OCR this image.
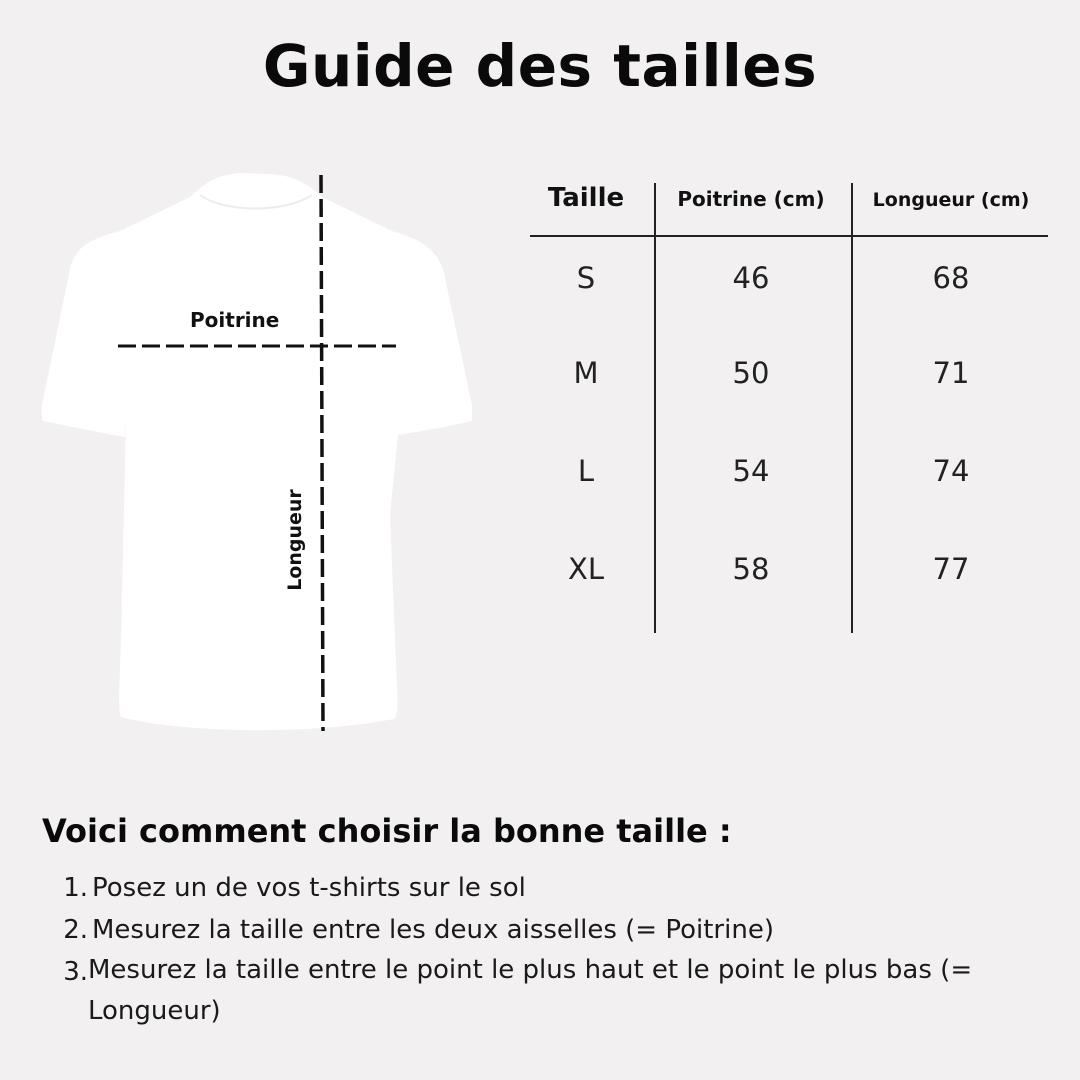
Guide des tailles
Poitrine
Longueur
Taille	Poitrine (cm)	Longueur (cm)
S	46	68
M	50	71
L	54	74
XL	58	77
Voici comment choisir la bonne taille :
1. Posez un de vos t-shirts sur le sol
2. Mesurez la taille entre les deux aisselles (= Poitrine)
3. Mesurez la taille entre le point le plus haut et le point le plus bas (= Longueur)
